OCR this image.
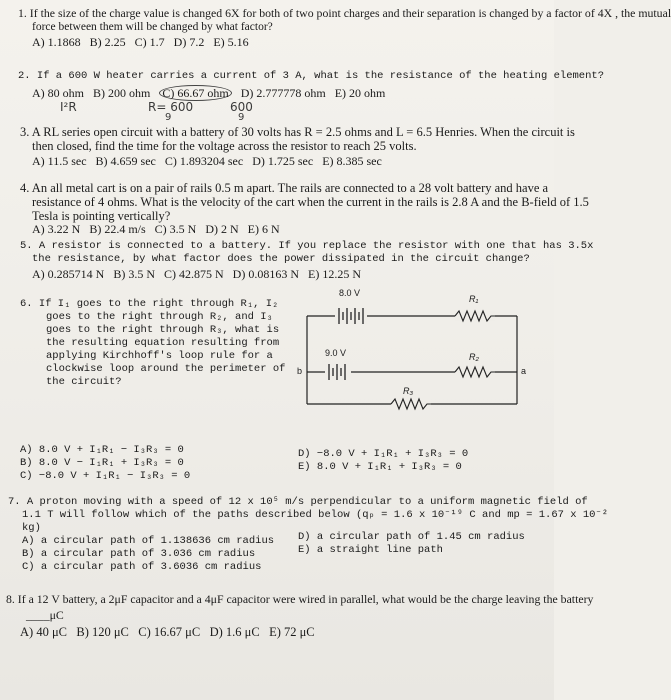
1. If the size of the charge value is changed 6X for both of two point charges and their separation is changed by a factor of 4X , the mutual
force between them will be changed by what factor?
A) 1.1868 B) 2.25 C) 1.7 D) 7.2 E) 5.16
2. If a 600 W heater carries a current of 3 A, what is the resistance of the heating element?
A) 80 ohm B) 200 ohm C) 66.67 ohm D) 2.777778 ohm E) 20 ohm
I²R	R= 600
9
600
9
3. A RL series open circuit with a battery of 30 volts has R = 2.5 ohms and L = 6.5 Henries. When the circuit is
then closed, find the time for the voltage across the resistor to reach 25 volts.
A) 11.5 sec B) 4.659 sec C) 1.893204 sec D) 1.725 sec E) 8.385 sec
4. An all metal cart is on a pair of rails 0.5 m apart. The rails are connected to a 28 volt battery and have a
resistance of 4 ohms. What is the velocity of the cart when the current in the rails is 2.8 A and the B-field of 1.5
Tesla is pointing vertically?
A) 3.22 N B) 22.4 m/s C) 3.5 N D) 2 N E) 6 N
5. A resistor is connected to a battery. If you replace the resistor with one that has 3.5x
the resistance, by what factor does the power dissipated in the circuit change?
A) 0.285714 N B) 3.5 N C) 42.875 N D) 0.08163 N E) 12.25 N
6. If I₁ goes to the right through R₁, I₂
goes to the right through R₂, and I₃
goes to the right through R₃, what is
the resulting equation resulting from
applying Kirchhoff's loop rule for a
clockwise loop around the perimeter of
the circuit?
8.0 V
R₁
9.0 V	R₂
b	a
R₃
A) 8.0 V + I₁R₁ − I₃R₃ = 0
B) 8.0 V − I₁R₁ + I₃R₃ = 0
C) −8.0 V + I₁R₁ − I₃R₃ = 0
D) −8.0 V + I₁R₁ + I₃R₃ = 0
E) 8.0 V + I₁R₁ + I₃R₃ = 0
7. A proton moving with a speed of 12 x 10⁵ m/s perpendicular to a uniform magnetic field of
1.1 T will follow which of the paths described below (qₚ = 1.6 x 10⁻¹⁹ C and mp = 1.67 x 10⁻²
kg)
A) a circular path of 1.138636 cm radius
B) a circular path of 3.036 cm radius
C) a circular path of 3.6036 cm radius
D) a circular path of 1.45 cm radius
E) a straight line path
8. If a 12 V battery, a 2μF capacitor and a 4μF capacitor were wired in parallel, what would be the charge leaving the battery
____μC
A) 40 μC B) 120 μC C) 16.67 μC D) 1.6 μC E) 72 μC
